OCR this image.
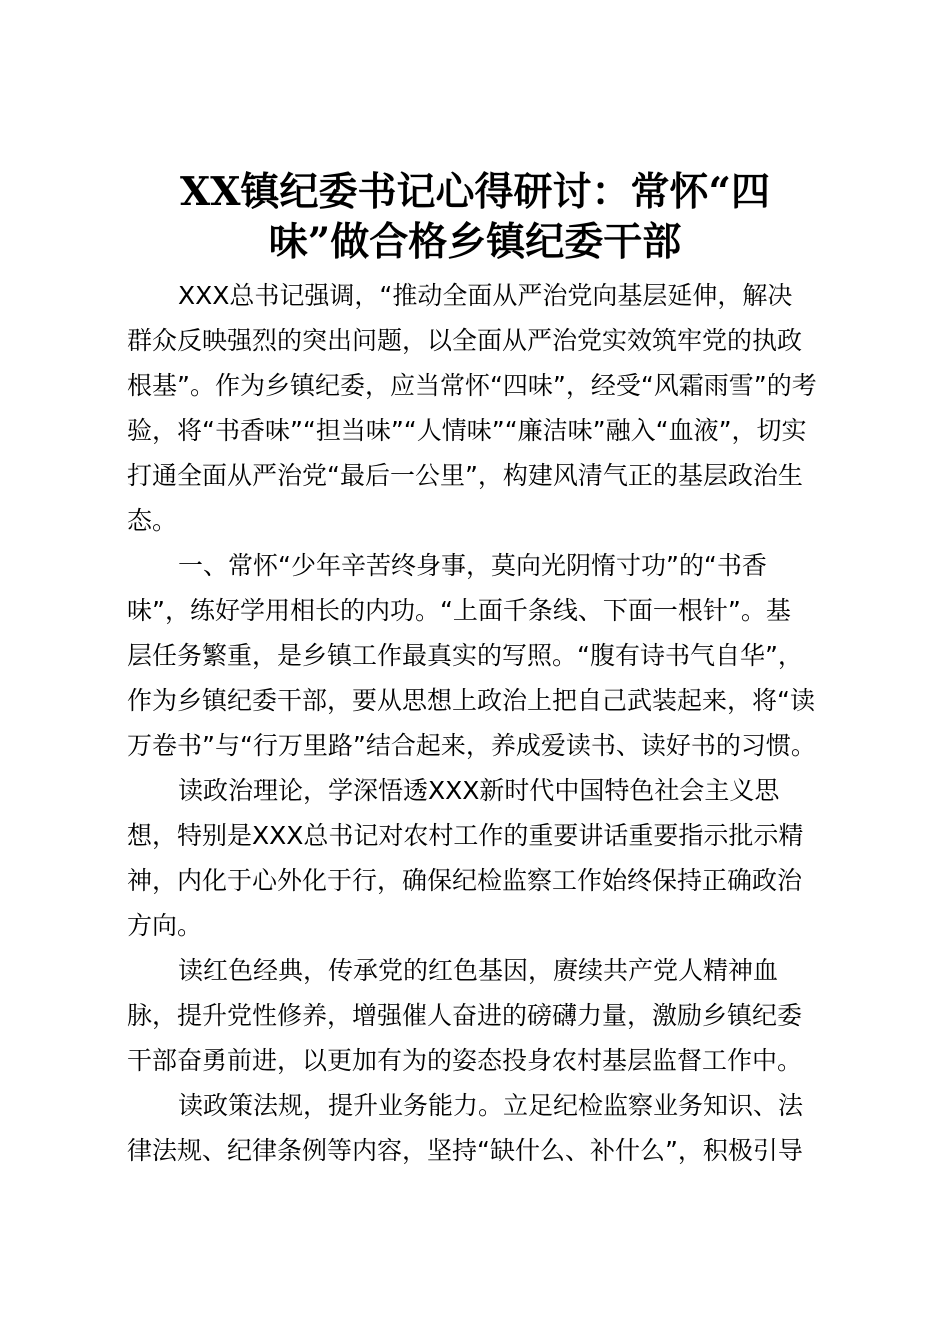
XX镇纪委书记心得研讨：常怀“四
味”做合格乡镇纪委干部

XXX总书记强调，“推动全面从严治党向基层延伸，解决

群众反映强烈的突出问题，以全面从严治党实效筑牢党的执政

根基”。作为乡镇纪委，应当常怀“四味”，经受“风霜雨雪”的考

验，将“书香味”“担当味”“人情味”“廉洁味”融入“血液”，切实

打通全面从严治党“最后一公里”，构建风清气正的基层政治生

态。

一、常怀“少年辛苦终身事，莫向光阴惰寸功”的“书香

味”，练好学用相长的内功。“上面千条线、下面一根针”。基

层任务繁重，是乡镇工作最真实的写照。“腹有诗书气自华”，

作为乡镇纪委干部，要从思想上政治上把自己武装起来，将“读

万卷书”与“行万里路”结合起来，养成爱读书、读好书的习惯。

读政治理论，学深悟透XXX新时代中国特色社会主义思

想，特别是XXX总书记对农村工作的重要讲话重要指示批示精

神，内化于心外化于行，确保纪检监察工作始终保持正确政治

方向。

读红色经典，传承党的红色基因，赓续共产党人精神血

脉，提升党性修养，增强催人奋进的磅礴力量，激励乡镇纪委

干部奋勇前进，以更加有为的姿态投身农村基层监督工作中。

读政策法规，提升业务能力。立足纪检监察业务知识、法

律法规、纪律条例等内容，坚持“缺什么、补什么”，积极引导
